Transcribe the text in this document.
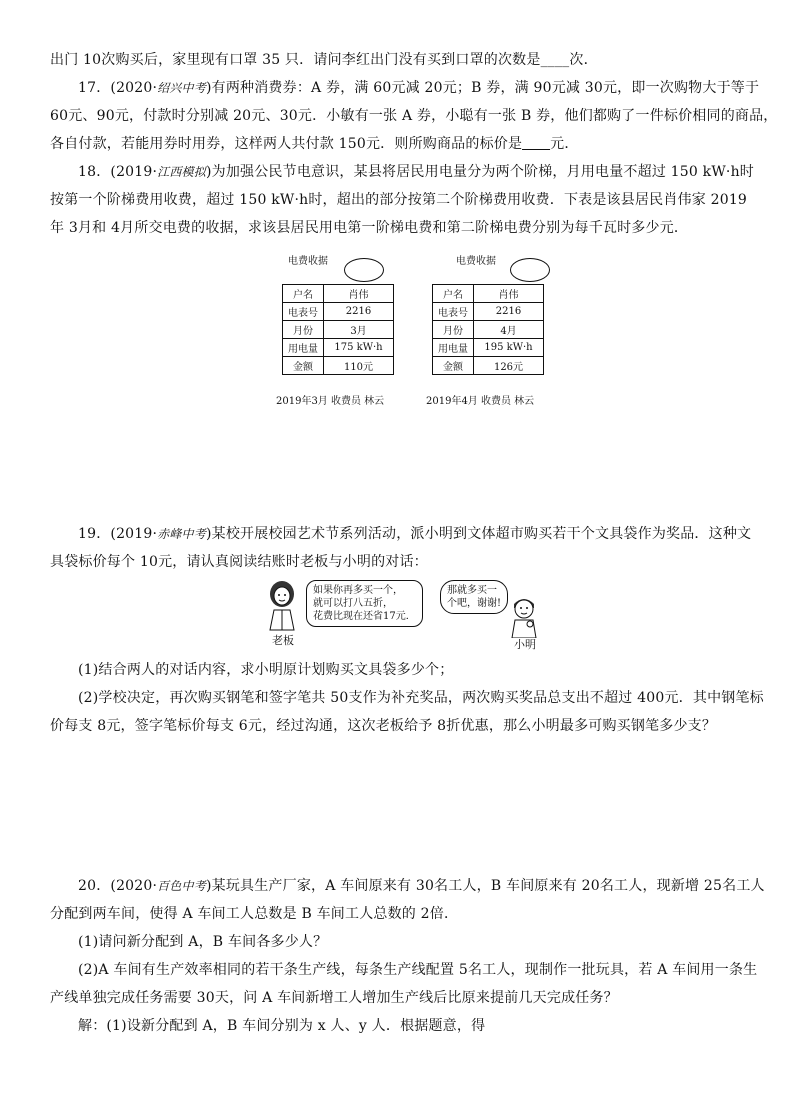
出门 10次购买后，家里现有口罩 35 只．请问李红出门没有买到口罩的次数是____次．
17．(2020·绍兴中考)有两种消费券：A 券，满 60元减 20元；B 券，满 90元减 30元，即一次购物大于等于
60元、90元，付款时分别减 20元、30元．小敏有一张 A 券，小聪有一张 B 券，他们都购了一件标价相同的商品，
各自付款，若能用券时用券，这样两人共付款 150元．则所购商品的标价是 元．
18．(2019·江西模拟)为加强公民节电意识，某县将居民用电量分为两个阶梯，月用电量不超过 150 kW·h时
按第一个阶梯费用收费，超过 150 kW·h时，超出的部分按第二个阶梯费用收费．下表是该县居民肖伟家 2019
年 3月和 4月所交电费的收据，求该县居民用电第一阶梯电费和第二阶梯电费分别为每千瓦时多少元．
电费收据
户名	肖伟
电表号	2216
月份	3月
用电量	175 kW·h
金额	110元
2019年3月 收费员 林云
电费收据
户名	肖伟
电表号	2216
月份	4月
用电量	195 kW·h
金额	126元
2019年4月 收费员 林云
19．(2019·赤峰中考)某校开展校园艺术节系列活动，派小明到文体超市购买若干个文具袋作为奖品．这种文
具袋标价每个 10元，请认真阅读结账时老板与小明的对话：
老板
如果你再多买一个，
就可以打八五折，
花费比现在还省17元．
那就多买一
个吧，谢谢!
小明
(1)结合两人的对话内容，求小明原计划购买文具袋多少个；
(2)学校决定，再次购买钢笔和签字笔共 50支作为补充奖品，两次购买奖品总支出不超过 400元．其中钢笔标
价每支 8元，签字笔标价每支 6元，经过沟通，这次老板给予 8折优惠，那么小明最多可购买钢笔多少支？
20．(2020·百色中考)某玩具生产厂家，A 车间原来有 30名工人，B 车间原来有 20名工人，现新增 25名工人
分配到两车间，使得 A 车间工人总数是 B 车间工人总数的 2倍．
(1)请问新分配到 A，B 车间各多少人？
(2)A 车间有生产效率相同的若干条生产线，每条生产线配置 5名工人，现制作一批玩具，若 A 车间用一条生
产线单独完成任务需要 30天，问 A 车间新增工人增加生产线后比原来提前几天完成任务？
解：(1)设新分配到 A，B 车间分别为 x 人、y 人．根据题意，得
